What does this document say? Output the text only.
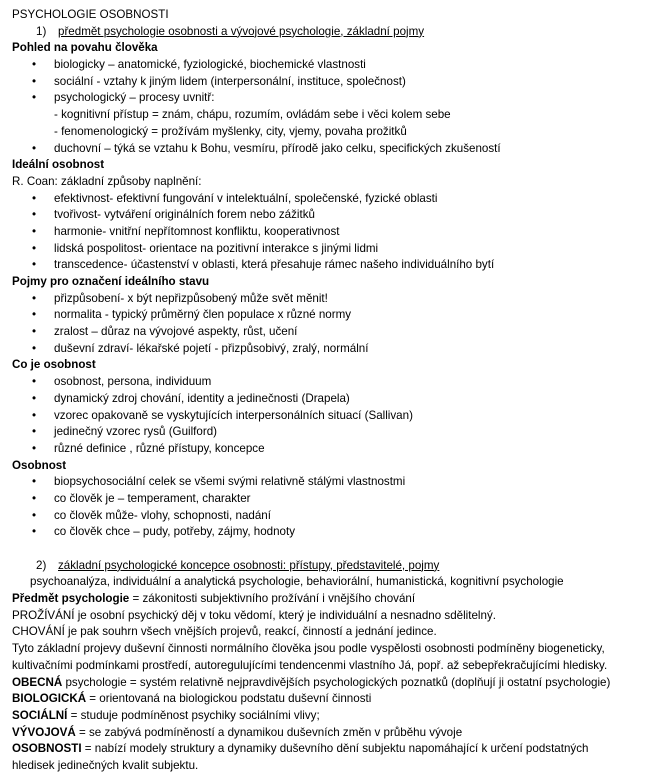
PSYCHOLOGIE OSOBNOSTI
1) předmět psychologie osobnosti a vývojové psychologie, základní pojmy
Pohled na povahu člověka
•	biologicky – anatomické, fyziologické, biochemické vlastnosti
•	sociální - vztahy k jiným lidem (interpersonální, instituce, společnost)
•	psychologický – procesy uvnitř:
- kognitivní přístup = znám, chápu, rozumím, ovládám sebe i věci kolem sebe
- fenomenologický = prožívám myšlenky, city, vjemy, povaha prožitků
•	duchovní – týká se vztahu k Bohu, vesmíru, přírodě jako celku, specifických zkušeností
Ideální osobnost
R. Coan: základní způsoby naplnění:
•	efektivnost- efektivní fungování v intelektuální, společenské, fyzické oblasti
•	tvořivost- vytváření originálních forem nebo zážitků
•	harmonie- vnitřní nepřítomnost konfliktu, kooperativnost
•	lidská pospolitost- orientace na pozitivní interakce s jinými lidmi
•	transcedence- účastenství v oblasti, která přesahuje rámec našeho individuálního bytí
Pojmy pro označení ideálního stavu
•	přizpůsobení- x být nepřizpůsobený může svět měnit!
•	normalita - typický průměrný člen populace x různé normy
•	zralost – důraz na vývojové aspekty, růst, učení
•	duševní zdraví- lékařské pojetí - přizpůsobivý, zralý, normální
Co je osobnost
•	osobnost, persona, individuum
•	dynamický zdroj chování, identity a jedinečnosti (Drapela)
•	vzorec opakovaně se vyskytujících interpersonálních situací (Sallivan)
•	jedinečný vzorec rysů (Guilford)
•	různé definice , různé přístupy, koncepce
Osobnost
•	biopsychosociální celek se všemi svými relativně stálými vlastnostmi
•	co člověk je – temperament, charakter
•	co člověk může- vlohy, schopnosti, nadání
•	co člověk chce – pudy, potřeby, zájmy, hodnoty
2) základní psychologické koncepce osobnosti: přístupy, představitelé, pojmy
psychoanalýza, individuální a analytická psychologie, behaviorální, humanistická, kognitivní psychologie
Předmět psychologie = zákonitosti subjektivního prožívání i vnějšího chování
PROŽÍVÁNÍ je osobní psychický děj v toku vědomí, který je individuální a nesnadno sdělitelný.
CHOVÁNÍ je pak souhrn všech vnějších projevů, reakcí, činností a jednání jedince.
Tyto základní projevy duševní činnosti normálního člověka jsou podle vyspělosti osobnosti podmíněny biogeneticky,
kultivačními podmínkami prostředí, autoregulujícími tendencenmi vlastního Já, popř. až sebepřekračujícími hledisky.
OBECNÁ psychologie = systém relativně nejpravdivějších psychologických poznatků (doplňují ji ostatní psychologie)
BIOLOGICKÁ = orientovaná na biologickou podstatu duševní činnosti
SOCIÁLNÍ = studuje podmíněnost psychiky sociálními vlivy;
VÝVOJOVÁ = se zabývá podmíněností a dynamikou duševních změn v průběhu vývoje
OSOBNOSTI = nabízí modely struktury a dynamiky duševního dění subjektu napomáhající k určení podstatných
hledisek jedinečných kvalit subjektu.
